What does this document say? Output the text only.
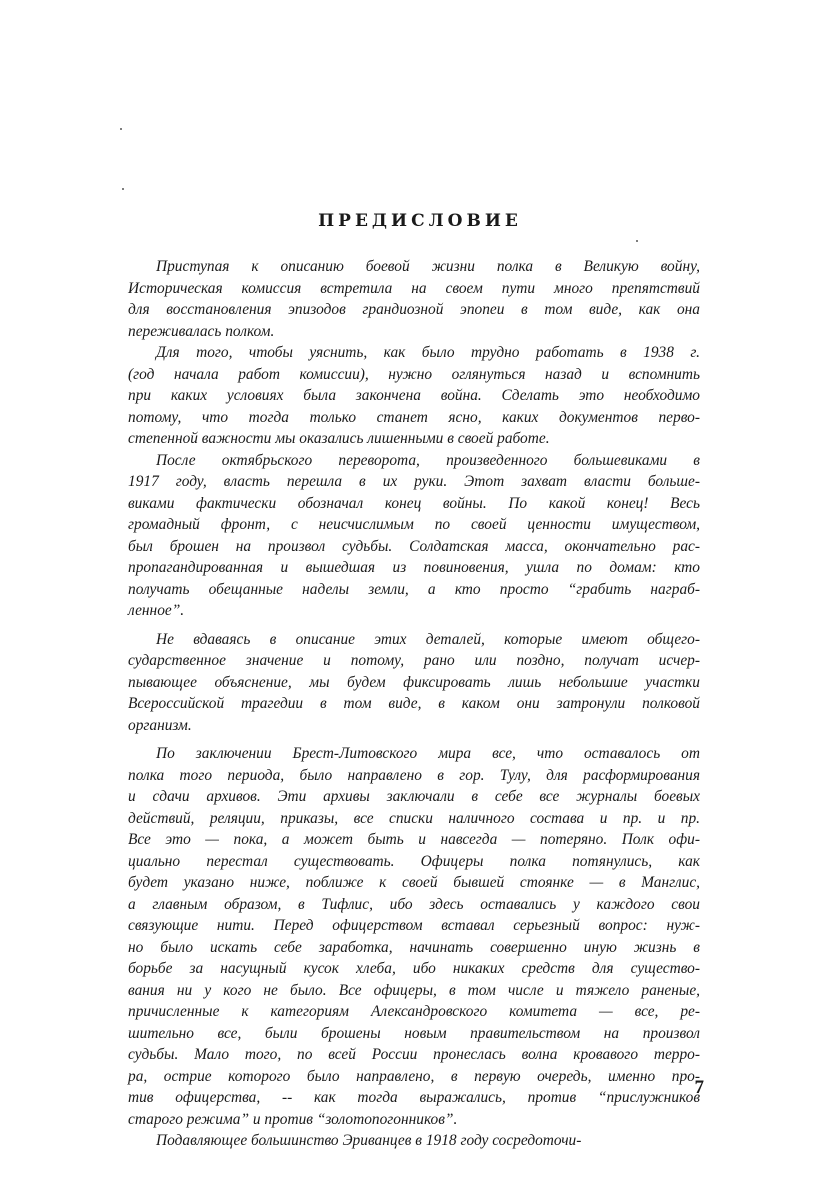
ПРЕДИСЛОВИЕ
Приступая к описанию боевой жизни полка в Великую войну,
Историческая комиссия встретила на своем пути много препятствий
для восстановления эпизодов грандиозной эпопеи в том виде, как она
переживалась полком.
Для того, чтобы уяснить, как было трудно работать в 1938 г.
(год начала работ комиссии), нужно оглянуться назад и вспомнить
при каких условиях была закончена война. Сделать это необходимо
потому, что тогда только станет ясно, каких документов перво-
степенной важности мы оказались лишенными в своей работе.
После октябрьского переворота, произведенного большевиками в
1917 году, власть перешла в их руки. Этот захват власти больше-
виками фактически обозначал конец войны. По какой конец! Весь
громадный фронт, с неисчислимым по своей ценности имуществом,
был брошен на произвол судьбы. Солдатская масса, окончательно рас-
пропагандированная и вышедшая из повиновения, ушла по домам: кто
получать обещанные наделы земли, а кто просто “грабить награб-
ленное”.
Не вдаваясь в описание этих деталей, которые имеют общего-
сударственное значение и потому, рано или поздно, получат исчер-
пывающее объяснение, мы будем фиксировать лишь небольшие участки
Всероссийской трагедии в том виде, в каком они затронули полковой
организм.
По заключении Брест-Литовского мира все, что оставалось от
полка того периода, было направлено в гор. Тулу, для расформирования
и сдачи архивов. Эти архивы заключали в себе все журналы боевых
действий, реляции, приказы, все списки наличного состава и пр. и пр.
Все это — пока, а может быть и навсегда — потеряно. Полк офи-
циально перестал существовать. Офицеры полка потянулись, как
будет указано ниже, поближе к своей бывшей стоянке — в Манглис,
а главным образом, в Тифлис, ибо здесь оставались у каждого свои
связующие нити. Перед офицерством вставал серьезный вопрос: нуж-
но было искать себе заработка, начинать совершенно иную жизнь в
борьбе за насущный кусок хлеба, ибо никаких средств для существо-
вания ни у кого не было. Все офицеры, в том числе и тяжело раненые,
причисленные к категориям Александровского комитета — все, ре-
шительно все, были брошены новым правительством на произвол
судьбы. Мало того, по всей России пронеслась волна кровавого терро-
ра, острие которого было направлено, в первую очередь, именно про-
тив офицерства, -- как тогда выражались, против “прислужников
старого режима” и против “золотопогонников”.
Подавляющее большинство Эриванцев в 1918 году сосредоточи-
7
